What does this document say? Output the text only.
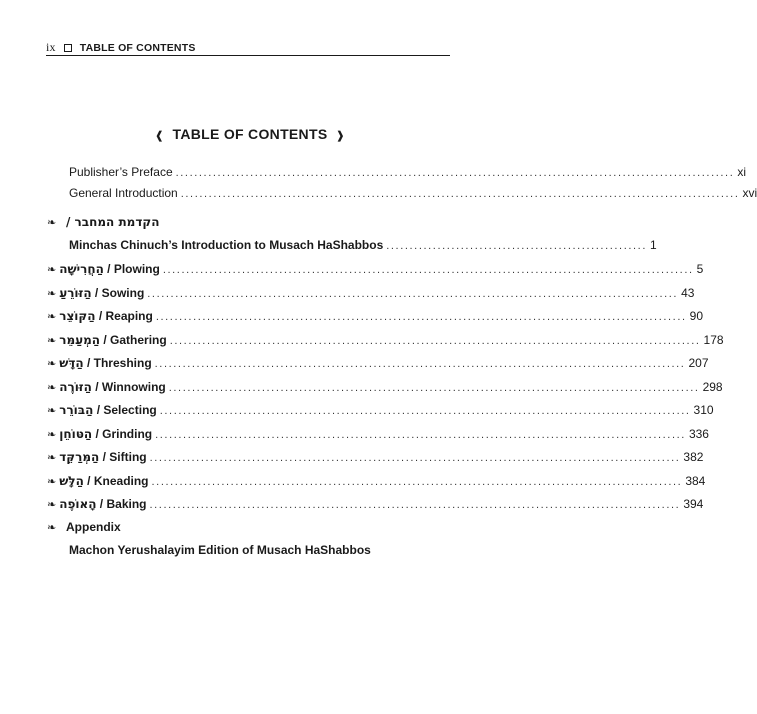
ix TABLE OF CONTENTS
❰ TABLE OF CONTENTS ❱
Publisher’s Preface ........................................................................................................................ xi
General Introduction ........................................................................................................................ xvi
❧ הקדמת המחבר /
Minchas Chinuch’s Introduction to Musach HaShabbos ........................................................ 1
❧ הַחֲרִישָׁה / Plowing .................................................................................................................. 5
❧ הַזּוֹרֵעַ / Sowing .................................................................................................................. 43
❧ הַקּוֹצֵר / Reaping .................................................................................................................. 90
❧ הַמְעַמֵּר / Gathering .................................................................................................................. 178
❧ הַדָּשׁ / Threshing .................................................................................................................. 207
❧ הַזּוֹרֶה / Winnowing .................................................................................................................. 298
❧ הַבּוֹרֵר / Selecting .................................................................................................................. 310
❧ הַטּוֹחֵן / Grinding .................................................................................................................. 336
❧ הַמְּרַקֵּד / Sifting .................................................................................................................. 382
❧ הַלָּשׁ / Kneading .................................................................................................................. 384
❧ הָאוֹפֶה / Baking .................................................................................................................. 394
❧ Appendix
Machon Yerushalayim Edition of Musach HaShabbos
